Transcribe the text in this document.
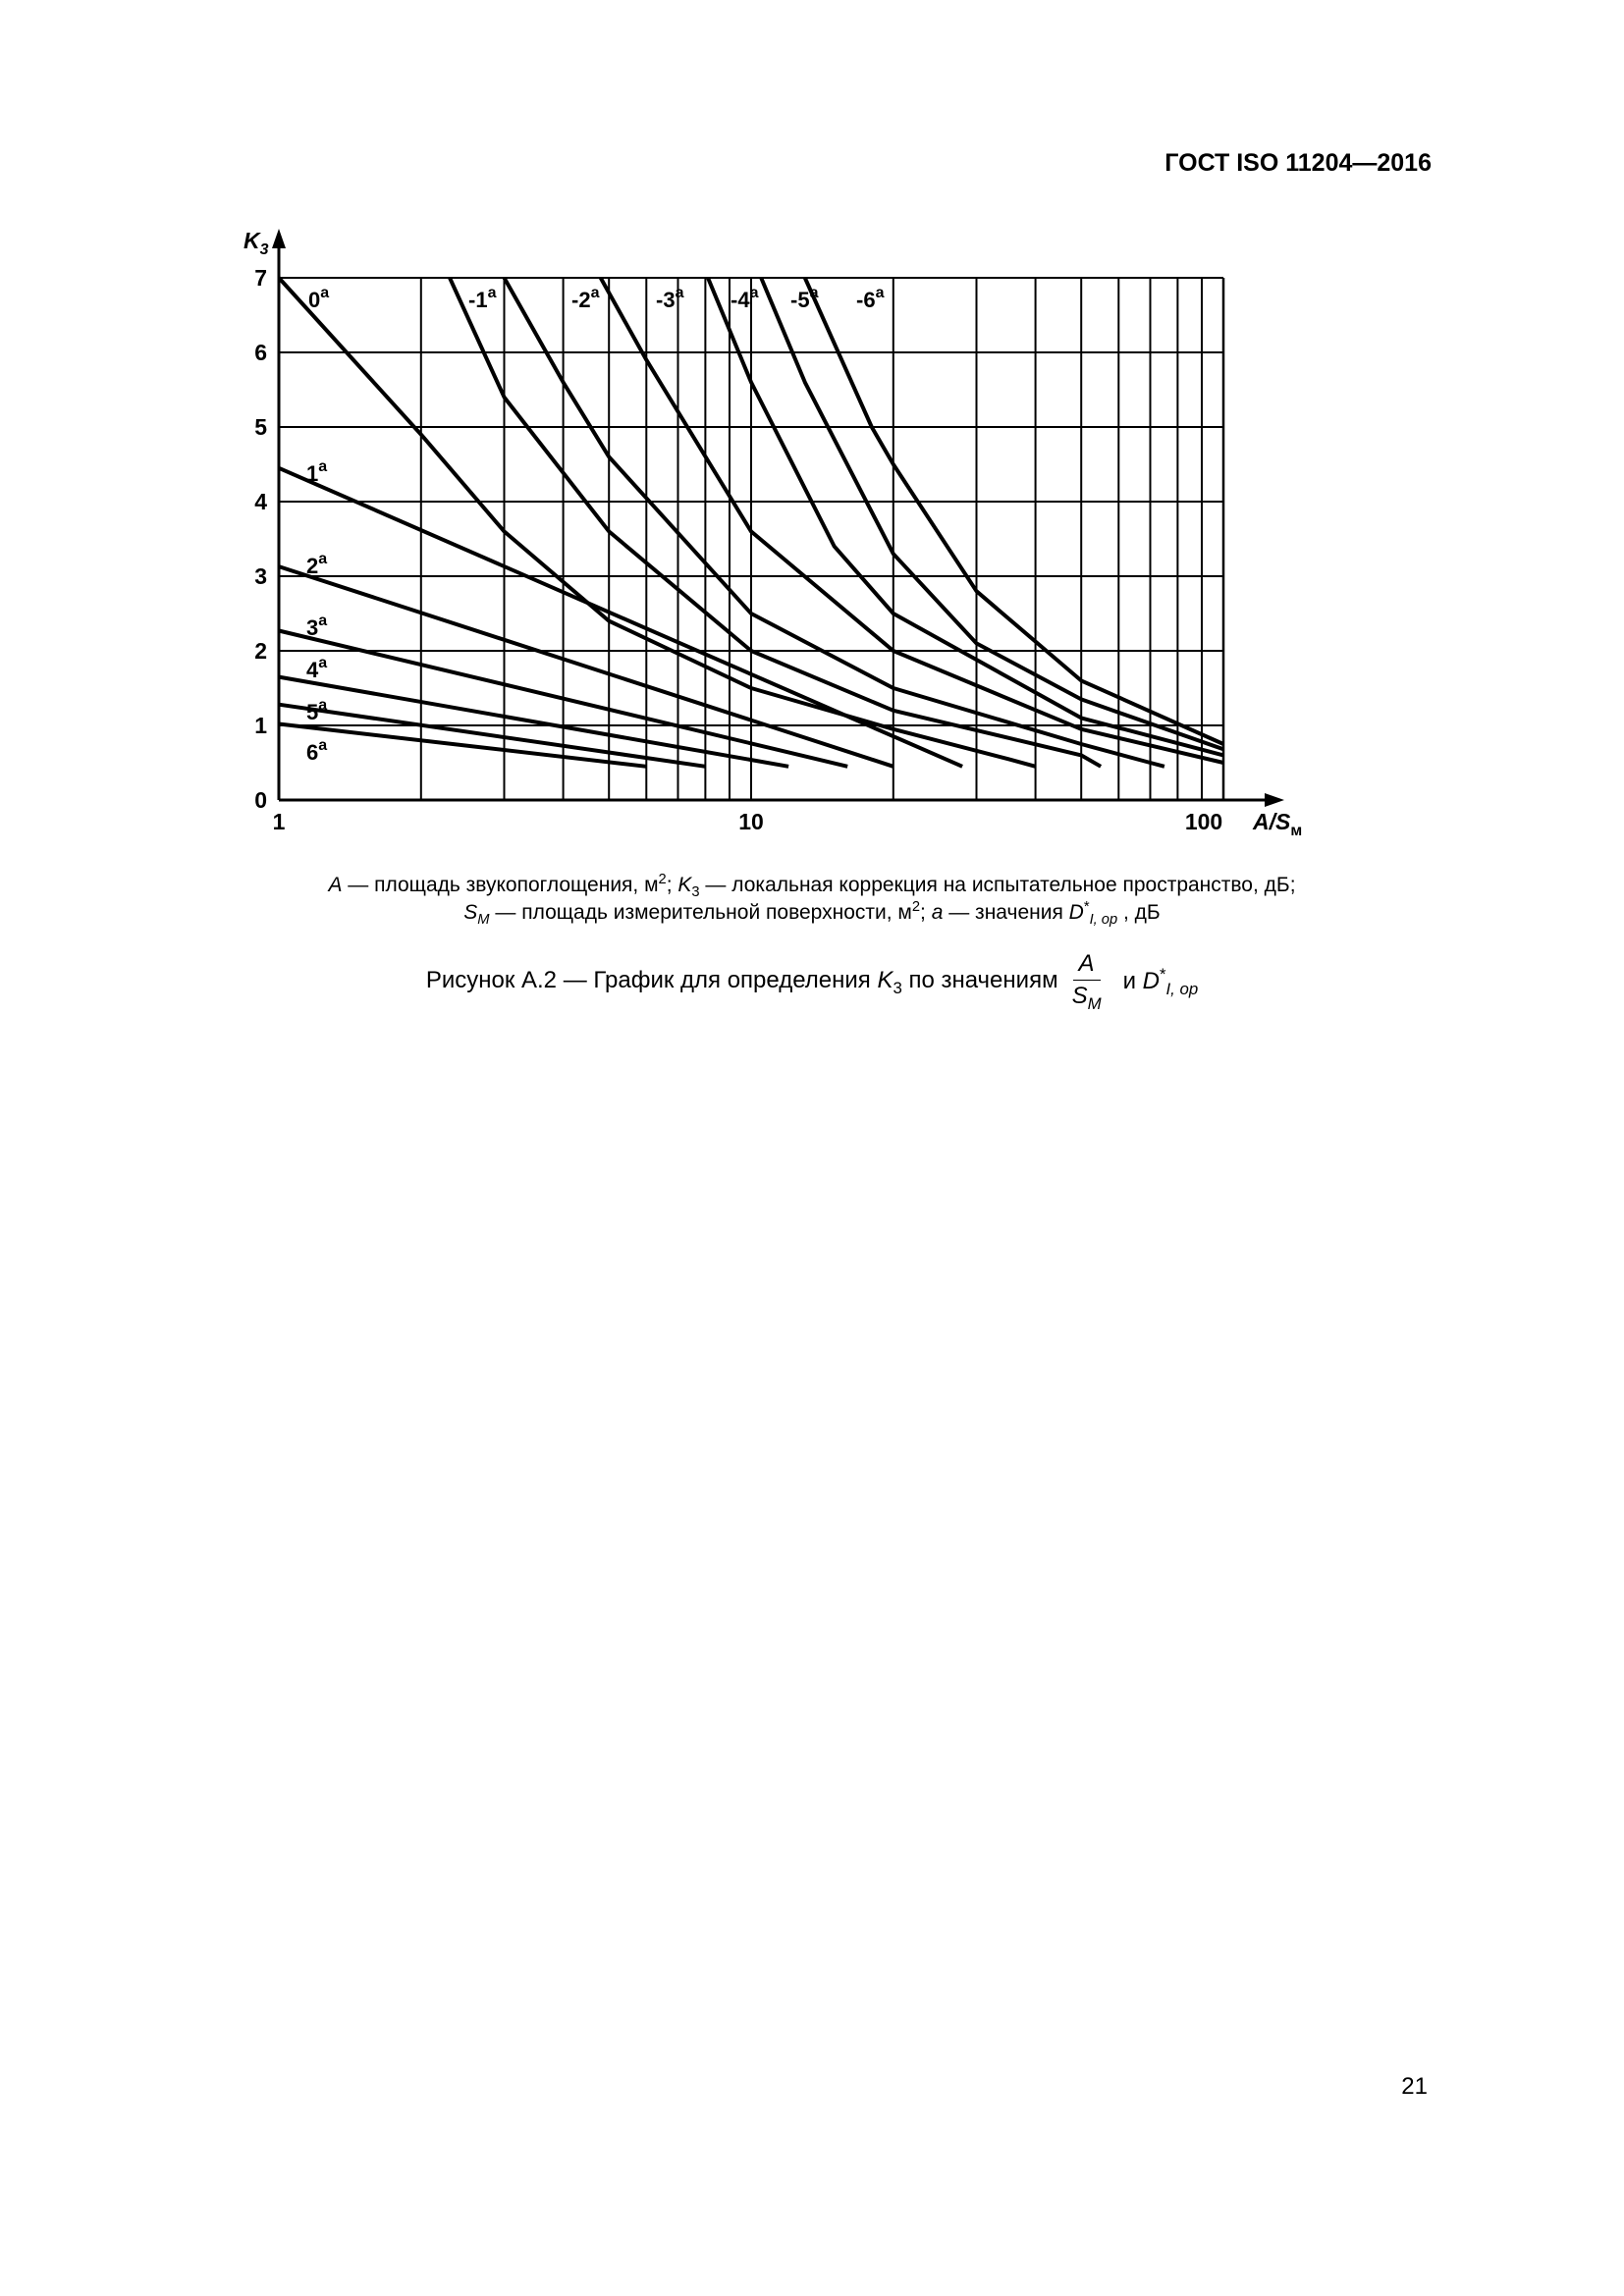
ГОСТ ISO 11204—2016
0
1
2
3
4
5
6
7
1	10	100
$K_3$
$A/S_м$
6$^a$
5$^a$
4$^a$
3$^a$
2$^a$
1$^a$
0$^a$	-1$^a$	-2$^a$	-3$^a$ -4$^a$ -5$^a$ -6$^a$
A — площадь звукопоглощения, $м^2$; $K_3$ — локальная коррекция на испытательное пространство, дБ;
$S_M$ — площадь измерительной поверхности, $м^2$; a — значения $D^*_{I, op}$ , дБ
Рисунок А.2 — График для определения $K_3$ по значениям $\frac{A}{S_M}$ и $D^*_{I, op}$
21
